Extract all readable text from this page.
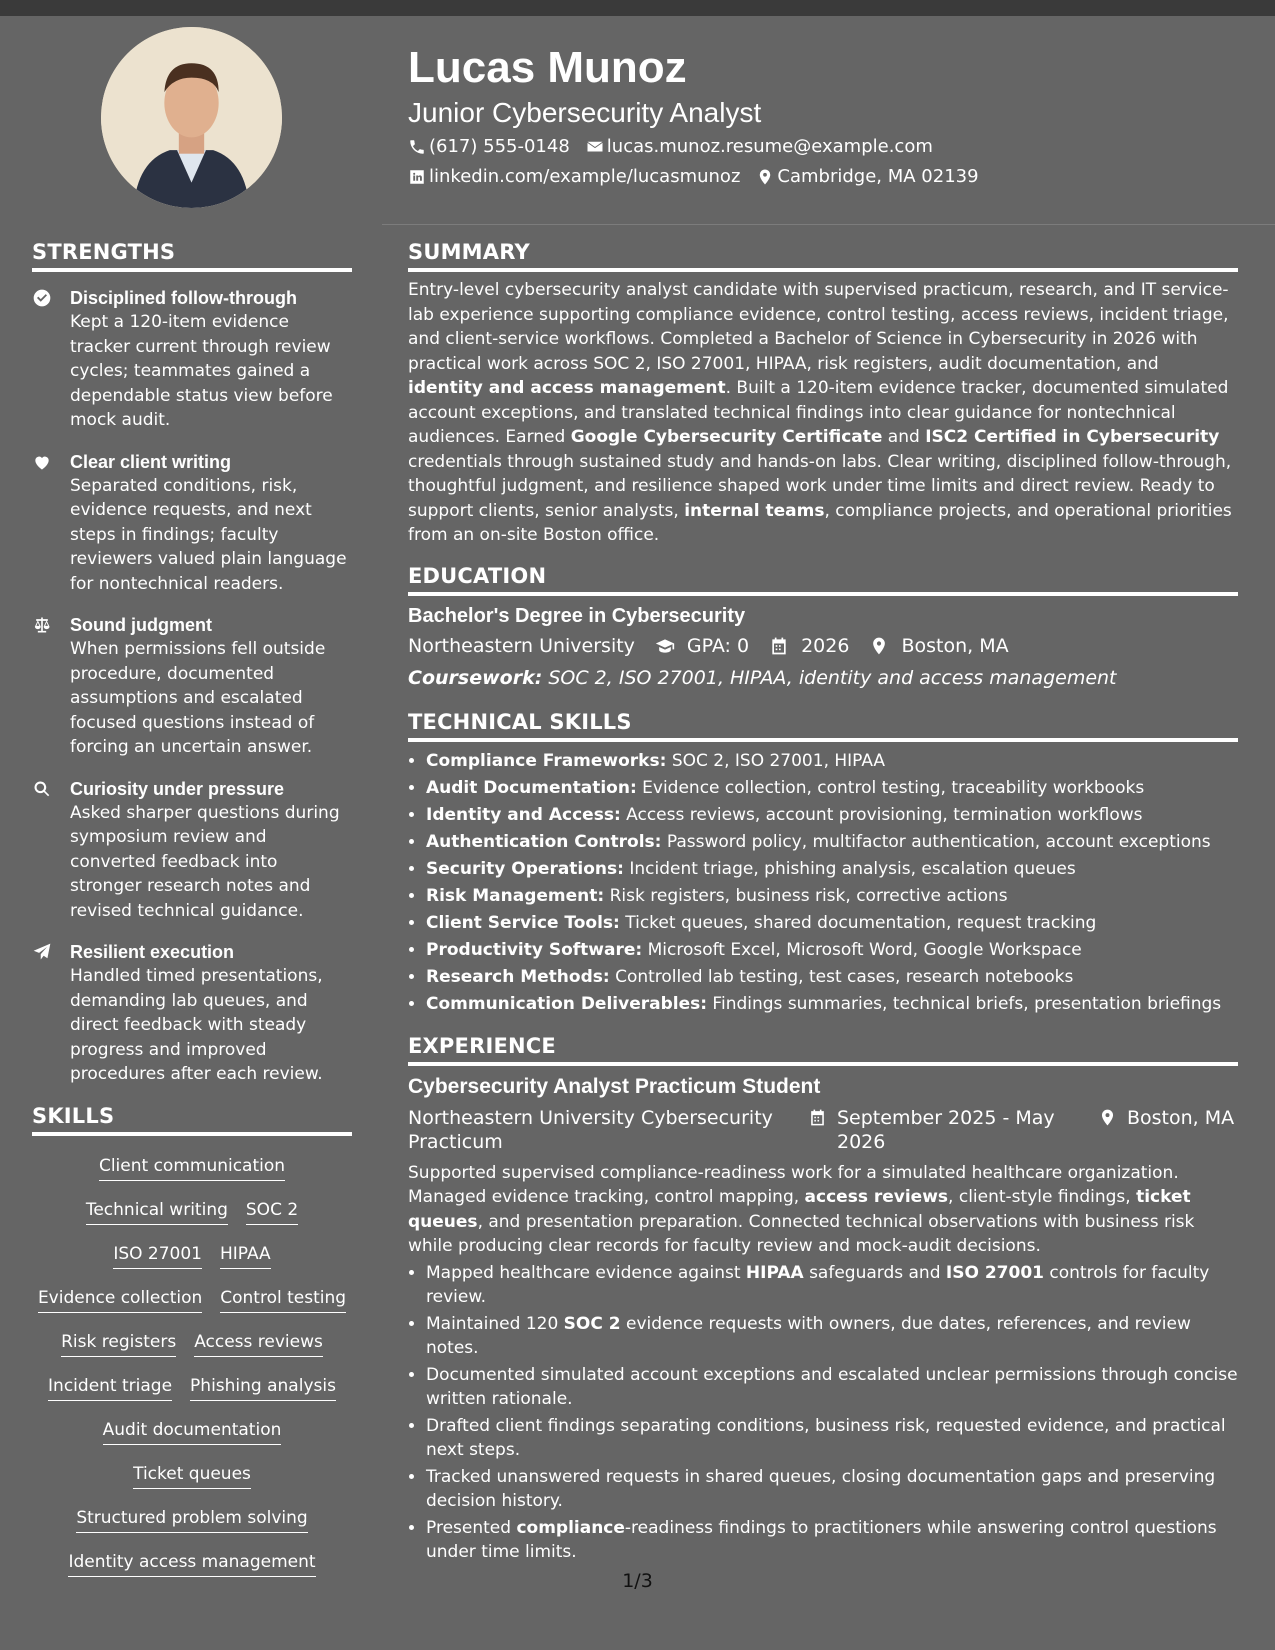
Lucas Munoz
Junior Cybersecurity Analyst
(617) 555-0148 lucas.munoz.resume@example.com
linkedin.com/example/lucasmunoz Cambridge, MA 02139
STRENGTHS
Disciplined follow-through
Kept a 120-item evidence tracker current through review cycles; teammates gained a dependable status view before mock audit.
Clear client writing
Separated conditions, risk, evidence requests, and next steps in findings; faculty reviewers valued plain language for nontechnical readers.
Sound judgment
When permissions fell outside procedure, documented assumptions and escalated focused questions instead of forcing an uncertain answer.
Curiosity under pressure
Asked sharper questions during symposium review and converted feedback into stronger research notes and revised technical guidance.
Resilient execution
Handled timed presentations, demanding lab queues, and direct feedback with steady progress and improved procedures after each review.
SKILLS
Client communication
Technical writing SOC 2
ISO 27001 HIPAA
Evidence collection Control testing
Risk registers Access reviews
Incident triage Phishing analysis
Audit documentation
Ticket queues
Structured problem solving
Identity access management
SUMMARY

Entry-level cybersecurity analyst candidate with supervised practicum, research, and IT service-lab experience supporting compliance evidence, control testing, access reviews, incident triage, and client-service workflows. Completed a Bachelor of Science in Cybersecurity in 2026 with practical work across SOC 2, ISO 27001, HIPAA, risk registers, audit documentation, and identity and access management. Built a 120-item evidence tracker, documented simulated account exceptions, and translated technical findings into clear guidance for nontechnical audiences. Earned Google Cybersecurity Certificate and ISC2 Certified in Cybersecurity credentials through sustained study and hands-on labs. Clear writing, disciplined follow-through, thoughtful judgment, and resilience shaped work under time limits and direct review. Ready to support clients, senior analysts, internal teams, compliance projects, and operational priorities from an on-site Boston office.

EDUCATION
Bachelor's Degree in Cybersecurity
Northeastern University	GPA: 0	2026	Boston, MA
Coursework: SOC 2, ISO 27001, HIPAA, identity and access management
TECHNICAL SKILLS
• Compliance Frameworks: SOC 2, ISO 27001, HIPAA
• Audit Documentation: Evidence collection, control testing, traceability workbooks
• Identity and Access: Access reviews, account provisioning, termination workflows
• Authentication Controls: Password policy, multifactor authentication, account exceptions
• Security Operations: Incident triage, phishing analysis, escalation queues
• Risk Management: Risk registers, business risk, corrective actions
• Client Service Tools: Ticket queues, shared documentation, request tracking
• Productivity Software: Microsoft Excel, Microsoft Word, Google Workspace
• Research Methods: Controlled lab testing, test cases, research notebooks
• Communication Deliverables: Findings summaries, technical briefs, presentation briefings
EXPERIENCE
Cybersecurity Analyst Practicum Student
Northeastern University Cybersecurity Practicum
September 2025 - May 2026
Boston, MA

Supported supervised compliance-readiness work for a simulated healthcare organization. Managed evidence tracking, control mapping, access reviews, client-style findings, ticket queues, and presentation preparation. Connected technical observations with business risk while producing clear records for faculty review and mock-audit decisions.

• Mapped healthcare evidence against HIPAA safeguards and ISO 27001 controls for faculty review.
• Maintained 120 SOC 2 evidence requests with owners, due dates, references, and review notes.
• Documented simulated account exceptions and escalated unclear permissions through concise written rationale.
• Drafted client findings separating conditions, business risk, requested evidence, and practical next steps.
• Tracked unanswered requests in shared queues, closing documentation gaps and preserving decision history.
• Presented compliance-readiness findings to practitioners while answering control questions under time limits.
1/3
